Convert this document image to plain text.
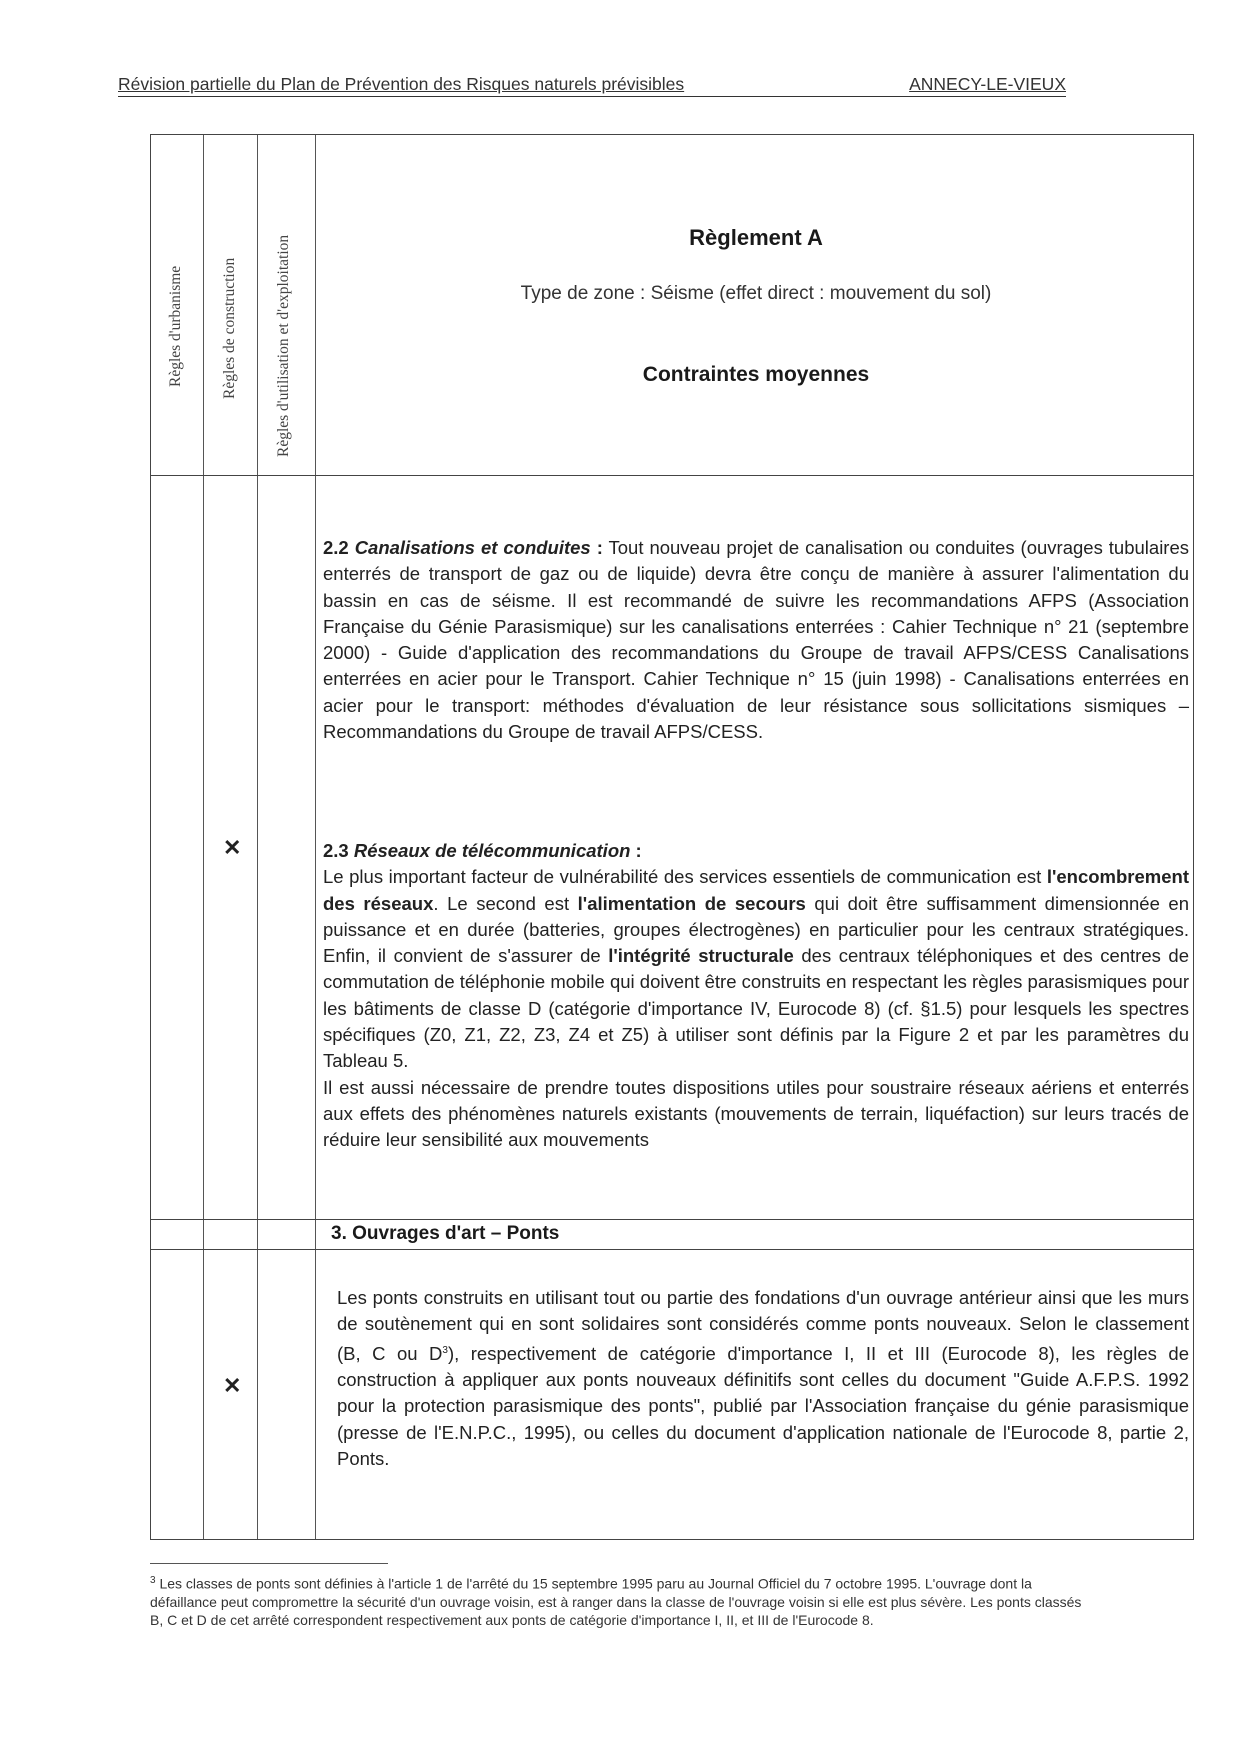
Révision partielle du Plan de Prévention des Risques naturels prévisibles	ANNECY-LE-VIEUX
Règles d'urbanisme Règles de construction Règles d'utilisation et d'exploitation	Règlement A
Type de zone : Séisme (effet direct : mouvement du sol)
Contraintes moyennes
✕
2.2 Canalisations et conduites : Tout nouveau projet de canalisation ou conduites (ouvrages tubulaires enterrés de transport de gaz ou de liquide) devra être conçu de manière à assurer l'alimentation du bassin en cas de séisme. Il est recommandé de suivre les recommandations AFPS (Association Française du Génie Parasismique) sur les canalisations enterrées : Cahier Technique n° 21 (septembre 2000) - Guide d'application des recommandations du Groupe de travail AFPS/CESS Canalisations enterrées en acier pour le Transport. Cahier Technique n° 15 (juin 1998) - Canalisations enterrées en acier pour le transport: méthodes d'évaluation de leur résistance sous sollicitations sismiques – Recommandations du Groupe de travail AFPS/CESS.
2.3 Réseaux de télécommunication :
Le plus important facteur de vulnérabilité des services essentiels de communication est l'encombrement des réseaux. Le second est l'alimentation de secours qui doit être suffisamment dimensionnée en puissance et en durée (batteries, groupes électrogènes) en particulier pour les centraux stratégiques. Enfin, il convient de s'assurer de l'intégrité structurale des centraux téléphoniques et des centres de commutation de téléphonie mobile qui doivent être construits en respectant les règles parasismiques pour les bâtiments de classe D (catégorie d'importance IV, Eurocode 8) (cf. §1.5) pour lesquels les spectres spécifiques (Z0, Z1, Z2, Z3, Z4 et Z5) à utiliser sont définis par la Figure 2 et par les paramètres du Tableau 5.
Il est aussi nécessaire de prendre toutes dispositions utiles pour soustraire réseaux aériens et enterrés aux effets des phénomènes naturels existants (mouvements de terrain, liquéfaction) sur leurs tracés de réduire leur sensibilité aux mouvements
3. Ouvrages d'art – Ponts
✕
Les ponts construits en utilisant tout ou partie des fondations d'un ouvrage antérieur ainsi que les murs de soutènement qui en sont solidaires sont considérés comme ponts nouveaux. Selon le classement (B, C ou $D^3$), respectivement de catégorie d'importance I, II et III (Eurocode 8), les règles de construction à appliquer aux ponts nouveaux définitifs sont celles du document "Guide A.F.P.S. 1992 pour la protection parasismique des ponts", publié par l'Association française du génie parasismique (presse de l'E.N.P.C., 1995), ou celles du document d'application nationale de l'Eurocode 8, partie 2, Ponts.
$^3$ Les classes de ponts sont définies à l'article 1 de l'arrêté du 15 septembre 1995 paru au Journal Officiel du 7 octobre 1995. L'ouvrage dont la défaillance peut compromettre la sécurité d'un ouvrage voisin, est à ranger dans la classe de l'ouvrage voisin si elle est plus sévère. Les ponts classés B, C et D de cet arrêté correspondent respectivement aux ponts de catégorie d'importance I, II, et III de l'Eurocode 8.
